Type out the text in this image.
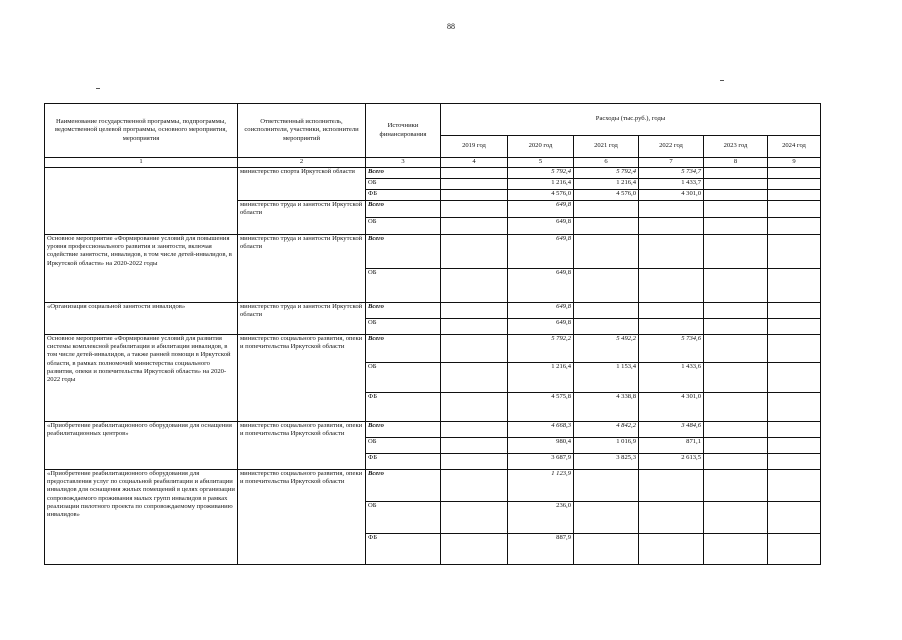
88
Наименование государственной программы, подпрограммы, ведомственной целевой программы, основного мероприятия, мероприятия	Ответственный исполнитель, соисполнители, участники, исполнители мероприятий	Источники финансирования	Расходы (тыс.руб.), годы					
			2019 год	2020 год	2021 год	2022 год	2023 год	2024 год
1	2	3	4	5	6	7	8	9
	министерство спорта Иркутской области	Всего		5 792,4	5 792,4	5 734,7		
		ОБ		1 216,4	1 216,4	1 433,7		
		ФБ		4 576,0	4 576,0	4 301,0		
	министерство труда и занятости Иркутской области	Всего		649,8				
		ОБ		649,8				
Основное мероприятие «Формирование условий для повышения уровня профессионального развития и занятости, включая содействие занятости, инвалидов, в том числе детей-инвалидов, в Иркутской области» на 2020-2022 годы	министерство труда и занятости Иркутской области	Всего		649,8				
		ОБ		649,8				
«Организация социальной занятости инвалидов»	министерство труда и занятости Иркутской области	Всего		649,8				
		ОБ		649,8				
Основное мероприятие «Формирование условий для развития системы комплексной реабилитации и абилитации инвалидов, в том числе детей-инвалидов, а также ранней помощи в Иркутской области, в рамках полномочий министерства социального развития, опеки и попечительства Иркутской области» на 2020-2022 годы	министерство социального развития, опеки и попечительства Иркутской области	Всего		5 792,2	5 492,2	5 734,6		
		ОБ		1 216,4	1 153,4	1 433,6		
		ФБ		4 575,8	4 338,8	4 301,0		
«Приобретение реабилитационного оборудования для оснащения реабилитационных центров»	министерство социального развития, опеки и попечительства Иркутской области	Всего		4 668,3	4 842,2	3 484,6		
		ОБ		980,4	1 016,9	871,1		
		ФБ		3 687,9	3 825,3	2 613,5		
«Приобретение реабилитационного оборудования для предоставления услуг по социальной реабилитации и абилитации инвалидов для оснащения жилых помещений в целях организации сопровождаемого проживания малых групп инвалидов в рамках реализации пилотного проекта по сопровождаемому проживанию инвалидов»	министерство социального развития, опеки и попечительства Иркутской области	Всего		1 123,9				
		ОБ		236,0				
		ФБ		887,9				
